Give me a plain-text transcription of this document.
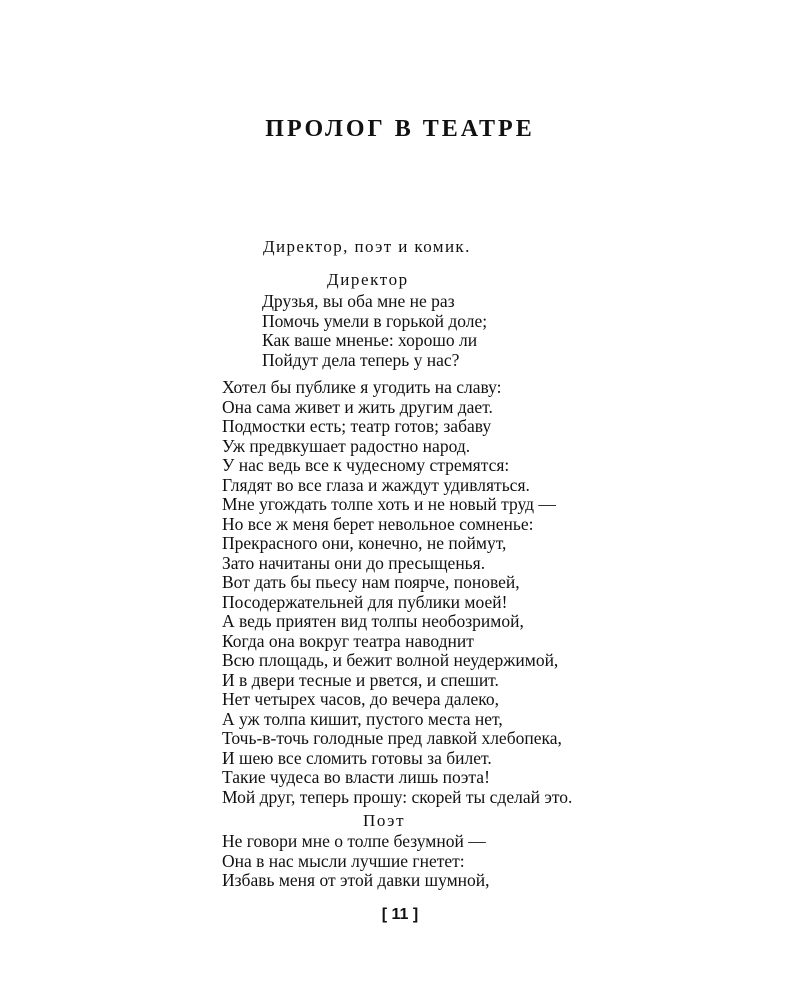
ПРОЛОГ В ТЕАТРЕ
Директор, поэт и комик.
Директор
Друзья, вы оба мне не раз
Помочь умели в горькой доле;
Как ваше мненье: хорошо ли
Пойдут дела теперь у нас?
Хотел бы публике я угодить на славу:
Она сама живет и жить другим дает.
Подмостки есть; театр готов; забаву
Уж предвкушает радостно народ.
У нас ведь все к чудесному стремятся:
Глядят во все глаза и жаждут удивляться.
Мне угождать толпе хоть и не новый труд —
Но все ж меня берет невольное сомненье:
Прекрасного они, конечно, не поймут,
Зато начитаны они до пресыщенья.
Вот дать бы пьесу нам поярче, поновей,
Посодержательней для публики моей!
А ведь приятен вид толпы необозримой,
Когда она вокруг театра наводнит
Всю площадь, и бежит волной неудержимой,
И в двери тесные и рвется, и спешит.
Нет четырех часов, до вечера далеко,
А уж толпа кишит, пустого места нет,
Точь-в-точь голодные пред лавкой хлебопека,
И шею все сломить готовы за билет.
Такие чудеса во власти лишь поэта!
Мой друг, теперь прошу: скорей ты сделай это.
Поэт
Не говори мне о толпе безумной —
Она в нас мысли лучшие гнетет:
Избавь меня от этой давки шумной,
[ 11 ]
